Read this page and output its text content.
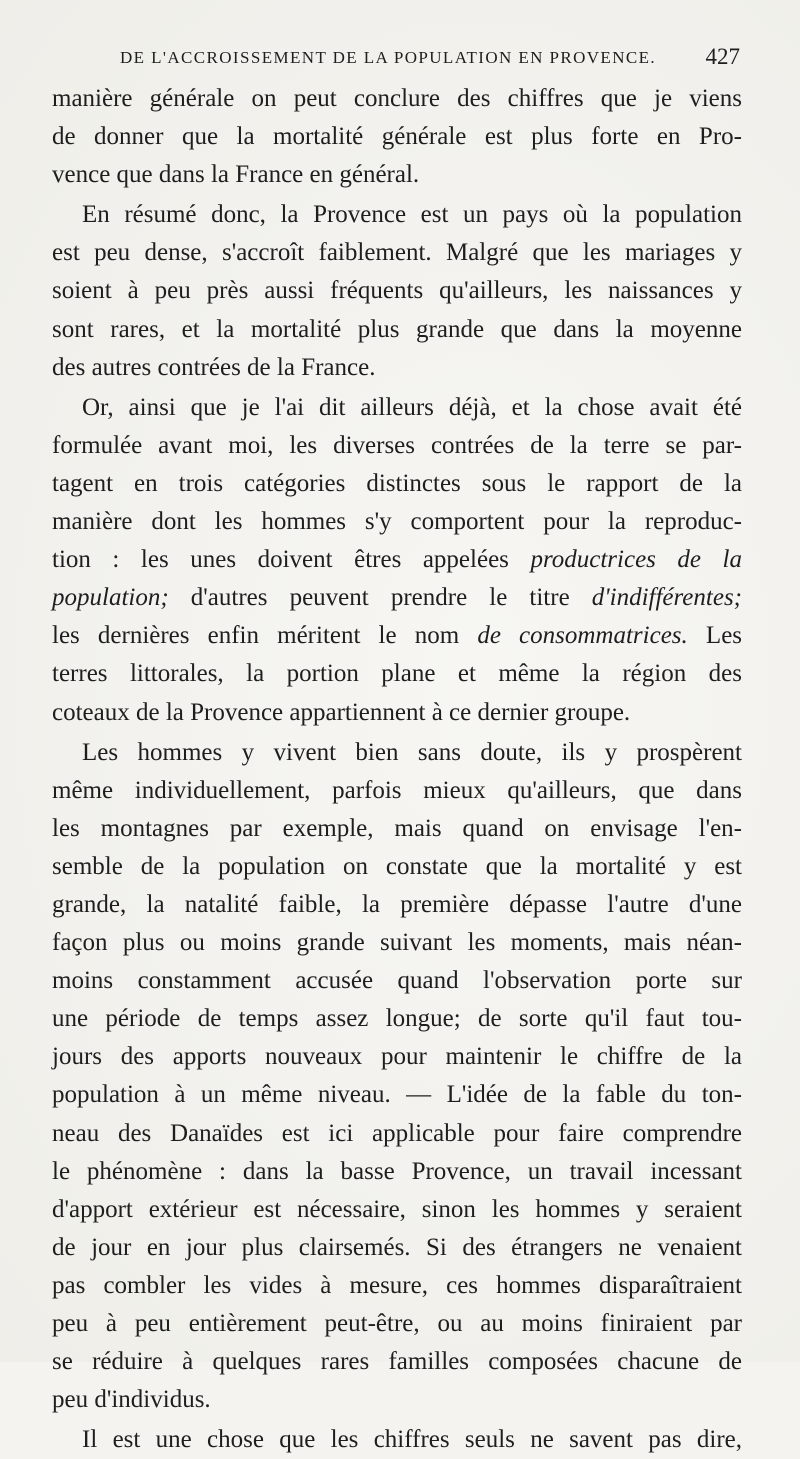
DE L'ACCROISSEMENT DE LA POPULATION EN PROVENCE. 427
manière générale on peut conclure des chiffres que je viens
de donner que la mortalité générale est plus forte en Pro-
vence que dans la France en général.
En résumé donc, la Provence est un pays où la population
est peu dense, s'accroît faiblement. Malgré que les mariages y
soient à peu près aussi fréquents qu'ailleurs, les naissances y
sont rares, et la mortalité plus grande que dans la moyenne
des autres contrées de la France.
Or, ainsi que je l'ai dit ailleurs déjà, et la chose avait été
formulée avant moi, les diverses contrées de la terre se par-
tagent en trois catégories distinctes sous le rapport de la
manière dont les hommes s'y comportent pour la reproduc-
tion : les unes doivent êtres appelées productrices de la
population; d'autres peuvent prendre le titre d'indifférentes;
les dernières enfin méritent le nom de consommatrices. Les
terres littorales, la portion plane et même la région des
coteaux de la Provence appartiennent à ce dernier groupe.
Les hommes y vivent bien sans doute, ils y prospèrent
même individuellement, parfois mieux qu'ailleurs, que dans
les montagnes par exemple, mais quand on envisage l'en-
semble de la population on constate que la mortalité y est
grande, la natalité faible, la première dépasse l'autre d'une
façon plus ou moins grande suivant les moments, mais néan-
moins constamment accusée quand l'observation porte sur
une période de temps assez longue; de sorte qu'il faut tou-
jours des apports nouveaux pour maintenir le chiffre de la
population à un même niveau. — L'idée de la fable du ton-
neau des Danaïdes est ici applicable pour faire comprendre
le phénomène : dans la basse Provence, un travail incessant
d'apport extérieur est nécessaire, sinon les hommes y seraient
de jour en jour plus clairsemés. Si des étrangers ne venaient
pas combler les vides à mesure, ces hommes disparaîtraient
peu à peu entièrement peut-être, ou au moins finiraient par
se réduire à quelques rares familles composées chacune de
peu d'individus.
Il est une chose que les chiffres seuls ne savent pas dire,
